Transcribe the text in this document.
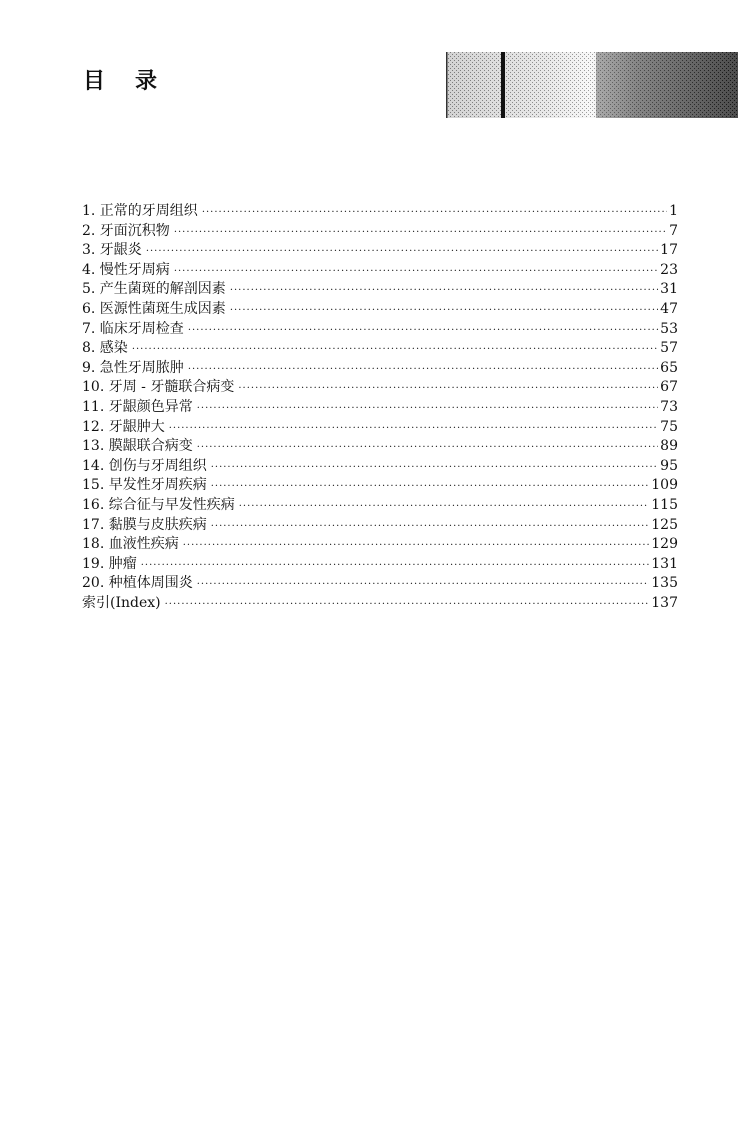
目 录
1. 正常的牙周组织 ·····	1
2. 牙面沉积物 ·····	7
3. 牙龈炎 ·····	17
4. 慢性牙周病 ·····	23
5. 产生菌斑的解剖因素 ·····	31
6. 医源性菌斑生成因素 ·····	47
7. 临床牙周检查 ·····	53
8. 感染 ·····	57
9. 急性牙周脓肿 ·····	65
10. 牙周 - 牙髓联合病变 ·····	67
11. 牙龈颜色异常 ·····	73
12. 牙龈肿大 ·····	75
13. 膜龈联合病变 ·····	89
14. 创伤与牙周组织 ·····	95
15. 早发性牙周疾病 ·····	109
16. 综合征与早发性疾病 ·····	115
17. 黏膜与皮肤疾病 ·····	125
18. 血液性疾病 ·····	129
19. 肿瘤 ·····	131
20. 种植体周围炎 ·····	135
索引(Index) ·····	137
